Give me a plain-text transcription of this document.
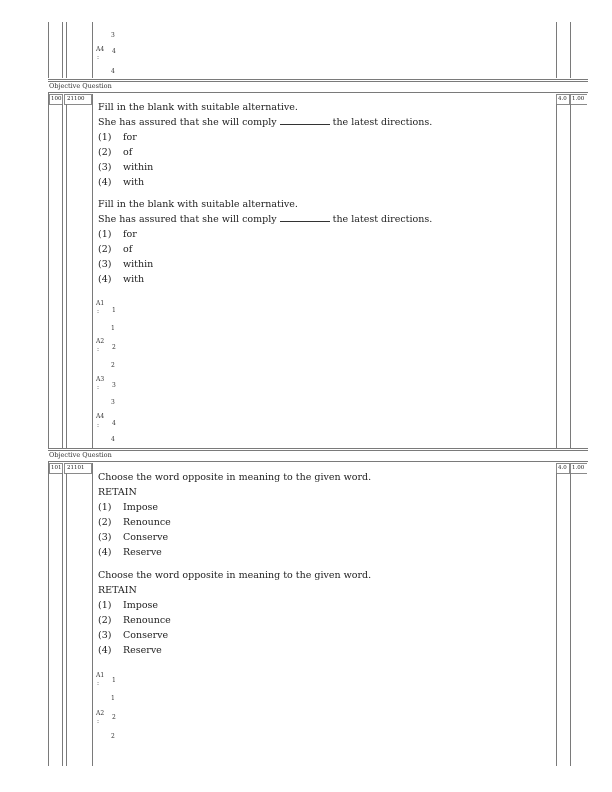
3
A4 4
:
4
Objective Question
100 21100	4.0 1.00
Fill in the blank with suitable alternative.
She has assured that she will comply	the latest directions.
(1) for
(2) of
(3) within
(4) with
Fill in the blank with suitable alternative.
She has assured that she will comply	the latest directions.
(1) for
(2) of
(3) within
(4) with
A1
1
:
1
A2
2
:
2
A3
3
:
3
A4
4
:
4
Objective Question
101 21101	4.0 1.00
Choose the word opposite in meaning to the given word.
RETAIN
(1) Impose
(2) Renounce
(3) Conserve
(4) Reserve
Choose the word opposite in meaning to the given word.
RETAIN
(1) Impose
(2) Renounce
(3) Conserve
(4) Reserve
A1
1
:
1
A2
2
:
2
